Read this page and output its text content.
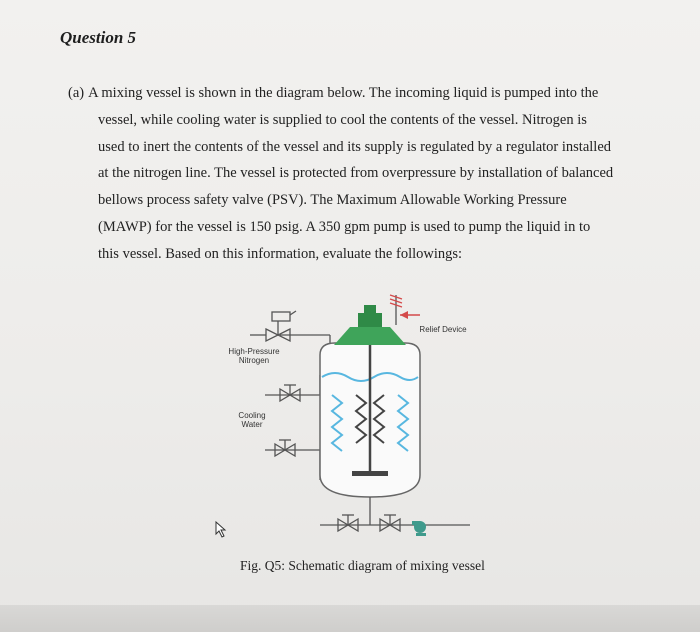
Question 5
(a) A mixing vessel is shown in the diagram below. The incoming liquid is pumped into the
vessel, while cooling water is supplied to cool the contents of the vessel. Nitrogen is
used to inert the contents of the vessel and its supply is regulated by a regulator installed
at the nitrogen line. The vessel is protected from overpressure by installation of balanced
bellows process safety valve (PSV). The Maximum Allowable Working Pressure
(MAWP) for the vessel is 150 psig. A 350 gpm pump is used to pump the liquid in to
this vessel. Based on this information, evaluate the followings:
Relief Device
High-Pressure
Nitrogen
Cooling
Water
Fig. Q5: Schematic diagram of mixing vessel
